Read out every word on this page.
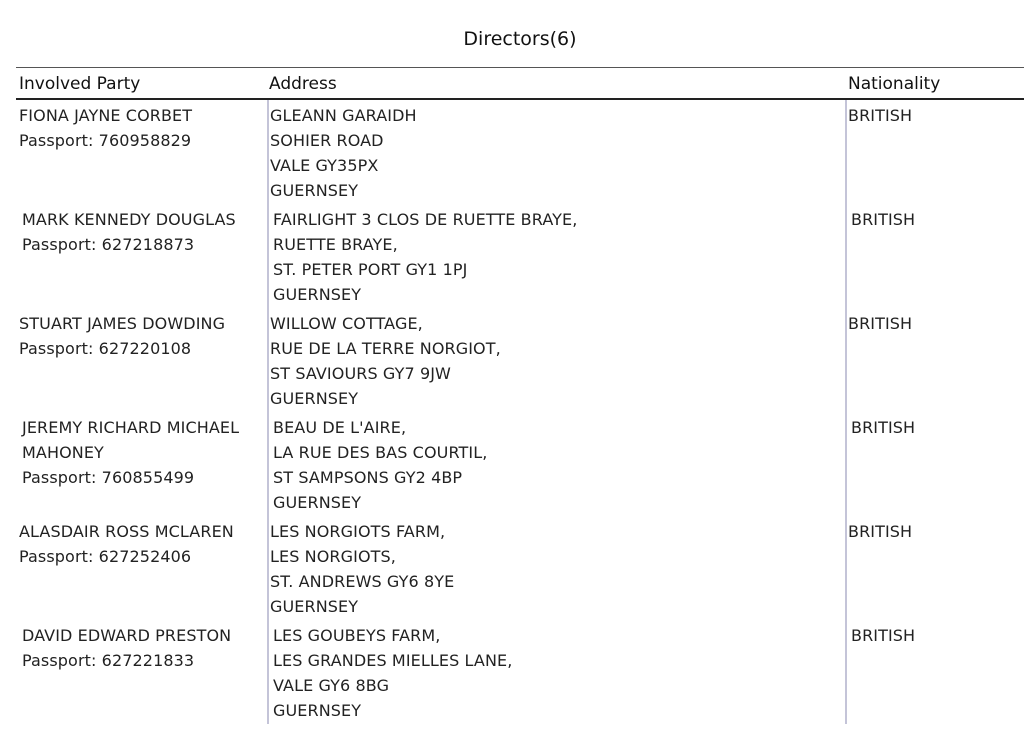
Directors(6)
Involved Party	Address	Nationality
FIONA JAYNE CORBET
Passport: 760958829
GLEANN GARAIDH
SOHIER ROAD
VALE GY35PX
GUERNSEY
BRITISH
MARK KENNEDY DOUGLAS
Passport: 627218873
FAIRLIGHT 3 CLOS DE RUETTE BRAYE,
RUETTE BRAYE,
ST. PETER PORT GY1 1PJ
GUERNSEY
BRITISH
STUART JAMES DOWDING
Passport: 627220108
WILLOW COTTAGE,
RUE DE LA TERRE NORGIOT,
ST SAVIOURS GY7 9JW
GUERNSEY
BRITISH
JEREMY RICHARD MICHAEL
MAHONEY
Passport: 760855499
BEAU DE L'AIRE,
LA RUE DES BAS COURTIL,
ST SAMPSONS GY2 4BP
GUERNSEY
BRITISH
ALASDAIR ROSS MCLAREN
Passport: 627252406
LES NORGIOTS FARM,
LES NORGIOTS,
ST. ANDREWS GY6 8YE
GUERNSEY
BRITISH
DAVID EDWARD PRESTON
Passport: 627221833
LES GOUBEYS FARM,
LES GRANDES MIELLES LANE,
VALE GY6 8BG
GUERNSEY
BRITISH
